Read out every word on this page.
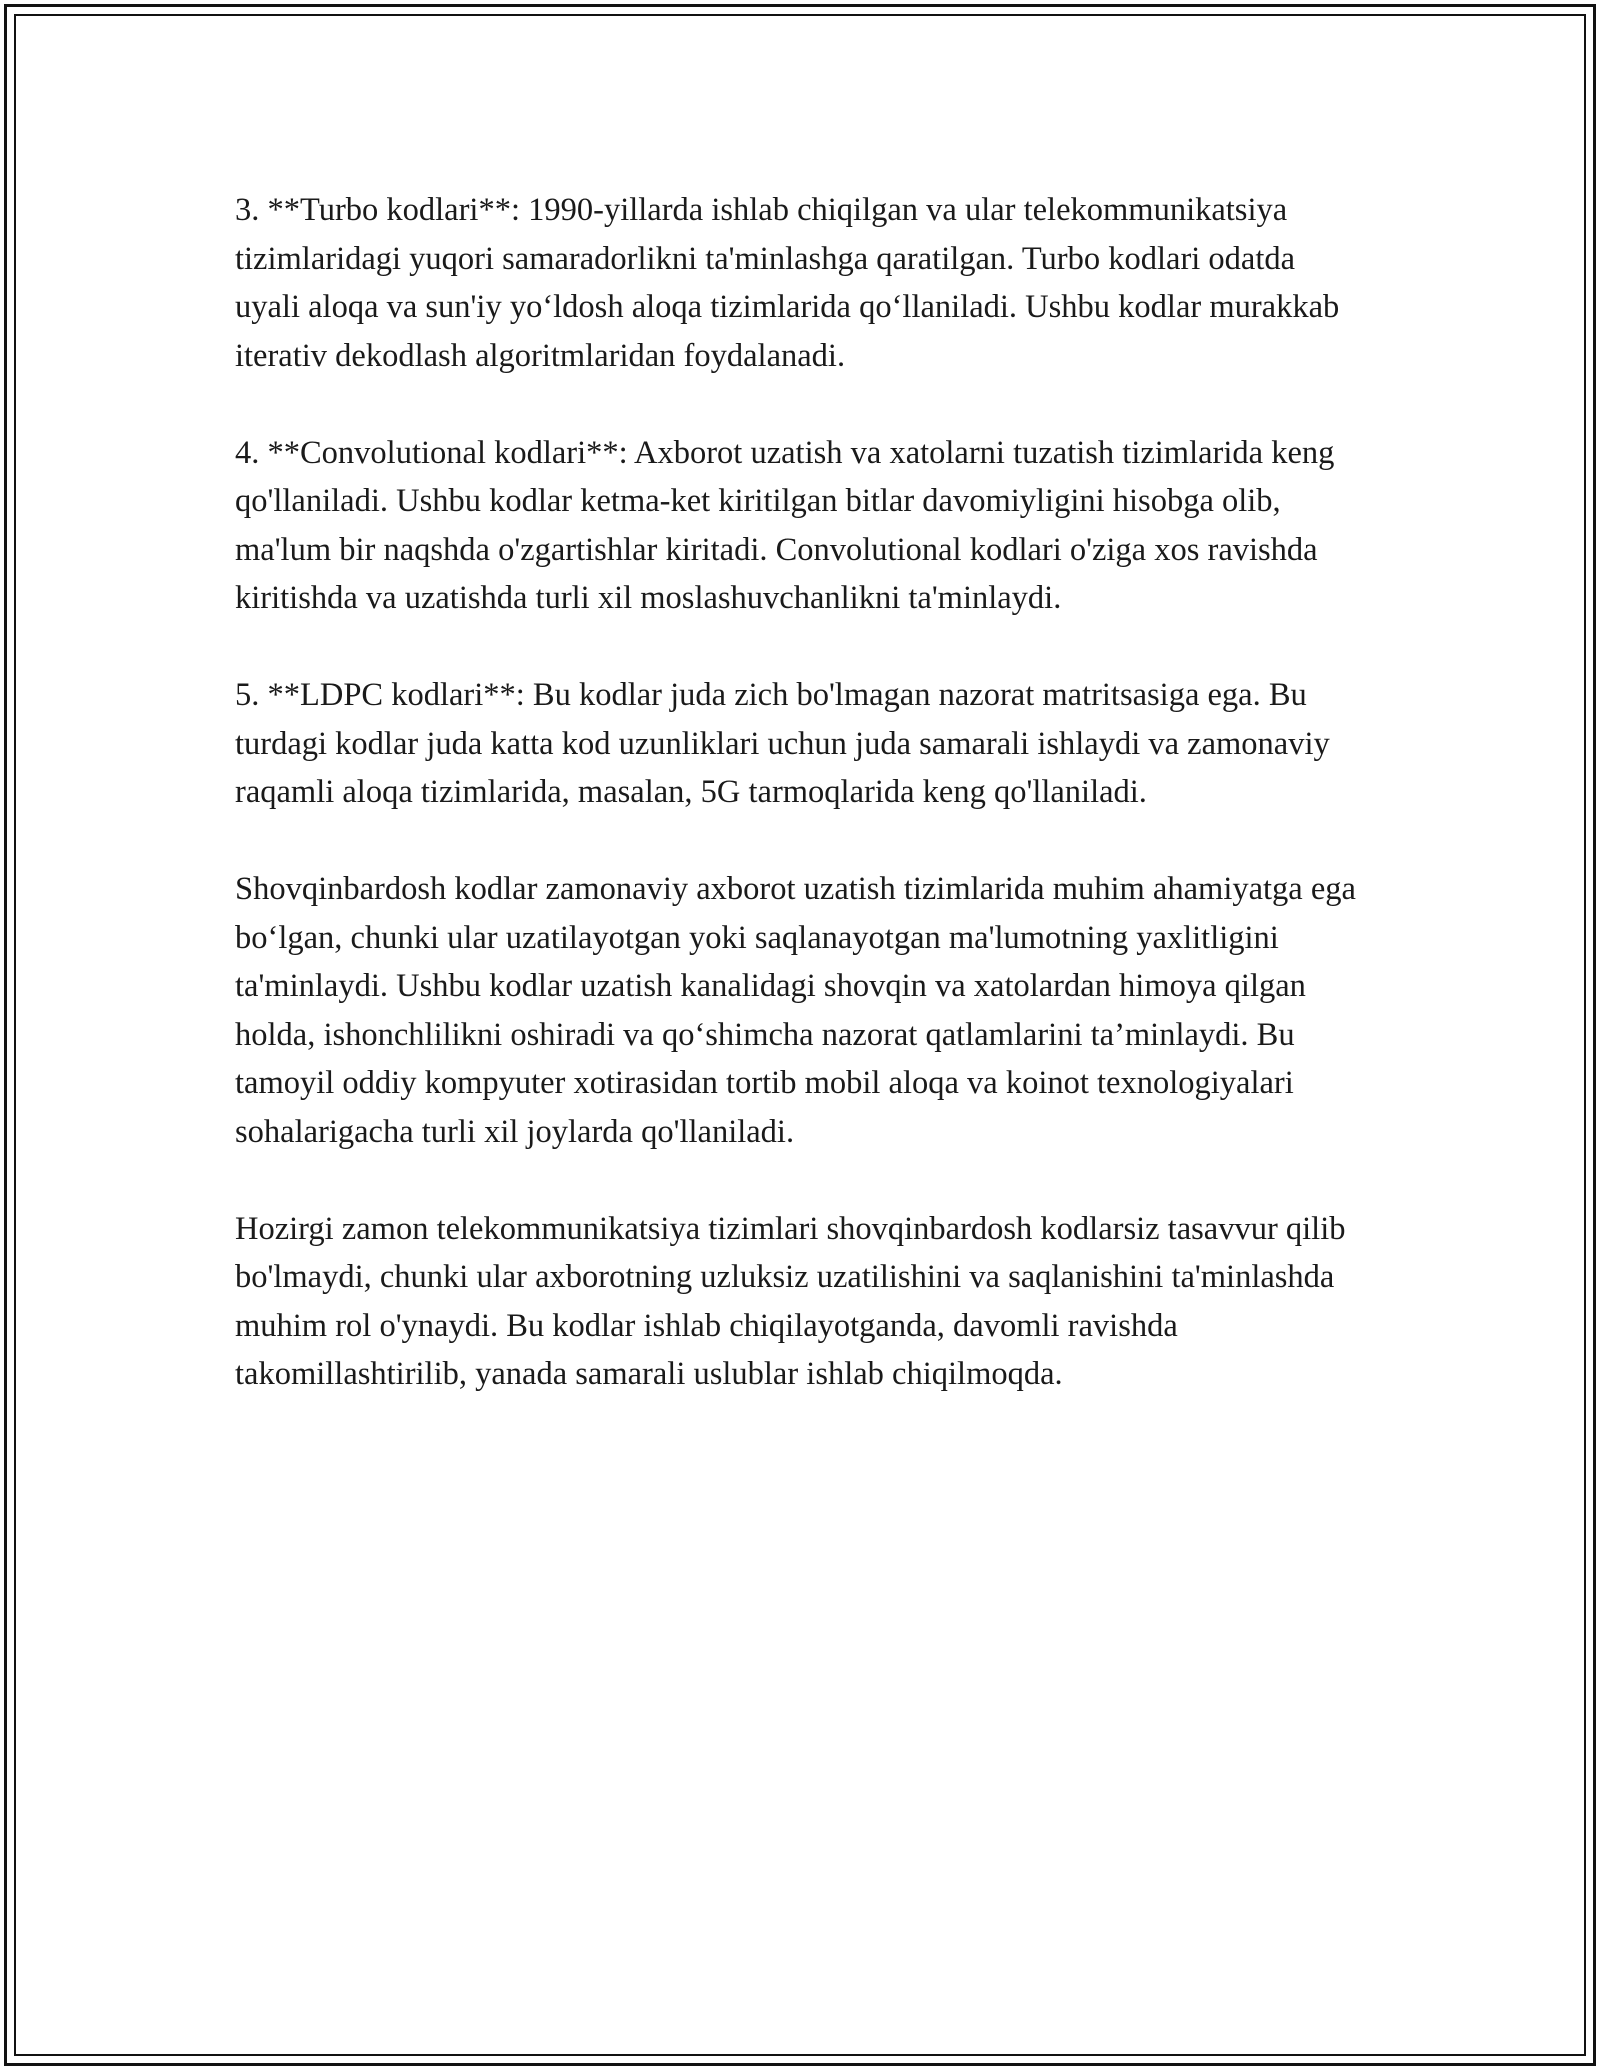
3. **Turbo kodlari**: 1990-yillarda ishlab chiqilgan va ular telekommunikatsiya tizimlaridagi yuqori samaradorlikni ta'minlashga qaratilgan. Turbo kodlari odatda uyali aloqa va sun'iy yo‘ldosh aloqa tizimlarida qo‘llaniladi. Ushbu kodlar murakkab iterativ dekodlash algoritmlaridan foydalanadi.

4. **Convolutional kodlari**: Axborot uzatish va xatolarni tuzatish tizimlarida keng qo'llaniladi. Ushbu kodlar ketma-ket kiritilgan bitlar davomiyligini hisobga olib, ma'lum bir naqshda o'zgartishlar kiritadi. Convolutional kodlari o'ziga xos ravishda kiritishda va uzatishda turli xil moslashuvchanlikni ta'minlaydi.

5. **LDPC kodlari**: Bu kodlar juda zich bo'lmagan nazorat matritsasiga ega. Bu turdagi kodlar juda katta kod uzunliklari uchun juda samarali ishlaydi va zamonaviy raqamli aloqa tizimlarida, masalan, 5G tarmoqlarida keng qo'llaniladi.

Shovqinbardosh kodlar zamonaviy axborot uzatish tizimlarida muhim ahamiyatga ega bo‘lgan, chunki ular uzatilayotgan yoki saqlanayotgan ma'lumotning yaxlitligini ta'minlaydi. Ushbu kodlar uzatish kanalidagi shovqin va xatolardan himoya qilgan holda, ishonchlilikni oshiradi va qo‘shimcha nazorat qatlamlarini ta’minlaydi. Bu tamoyil oddiy kompyuter xotirasidan tortib mobil aloqa va koinot texnologiyalari sohalarigacha turli xil joylarda qo'llaniladi.

Hozirgi zamon telekommunikatsiya tizimlari shovqinbardosh kodlarsiz tasavvur qilib bo'lmaydi, chunki ular axborotning uzluksiz uzatilishini va saqlanishini ta'minlashda muhim rol o'ynaydi. Bu kodlar ishlab chiqilayotganda, davomli ravishda takomillashtirilib, yanada samarali uslublar ishlab chiqilmoqda.
